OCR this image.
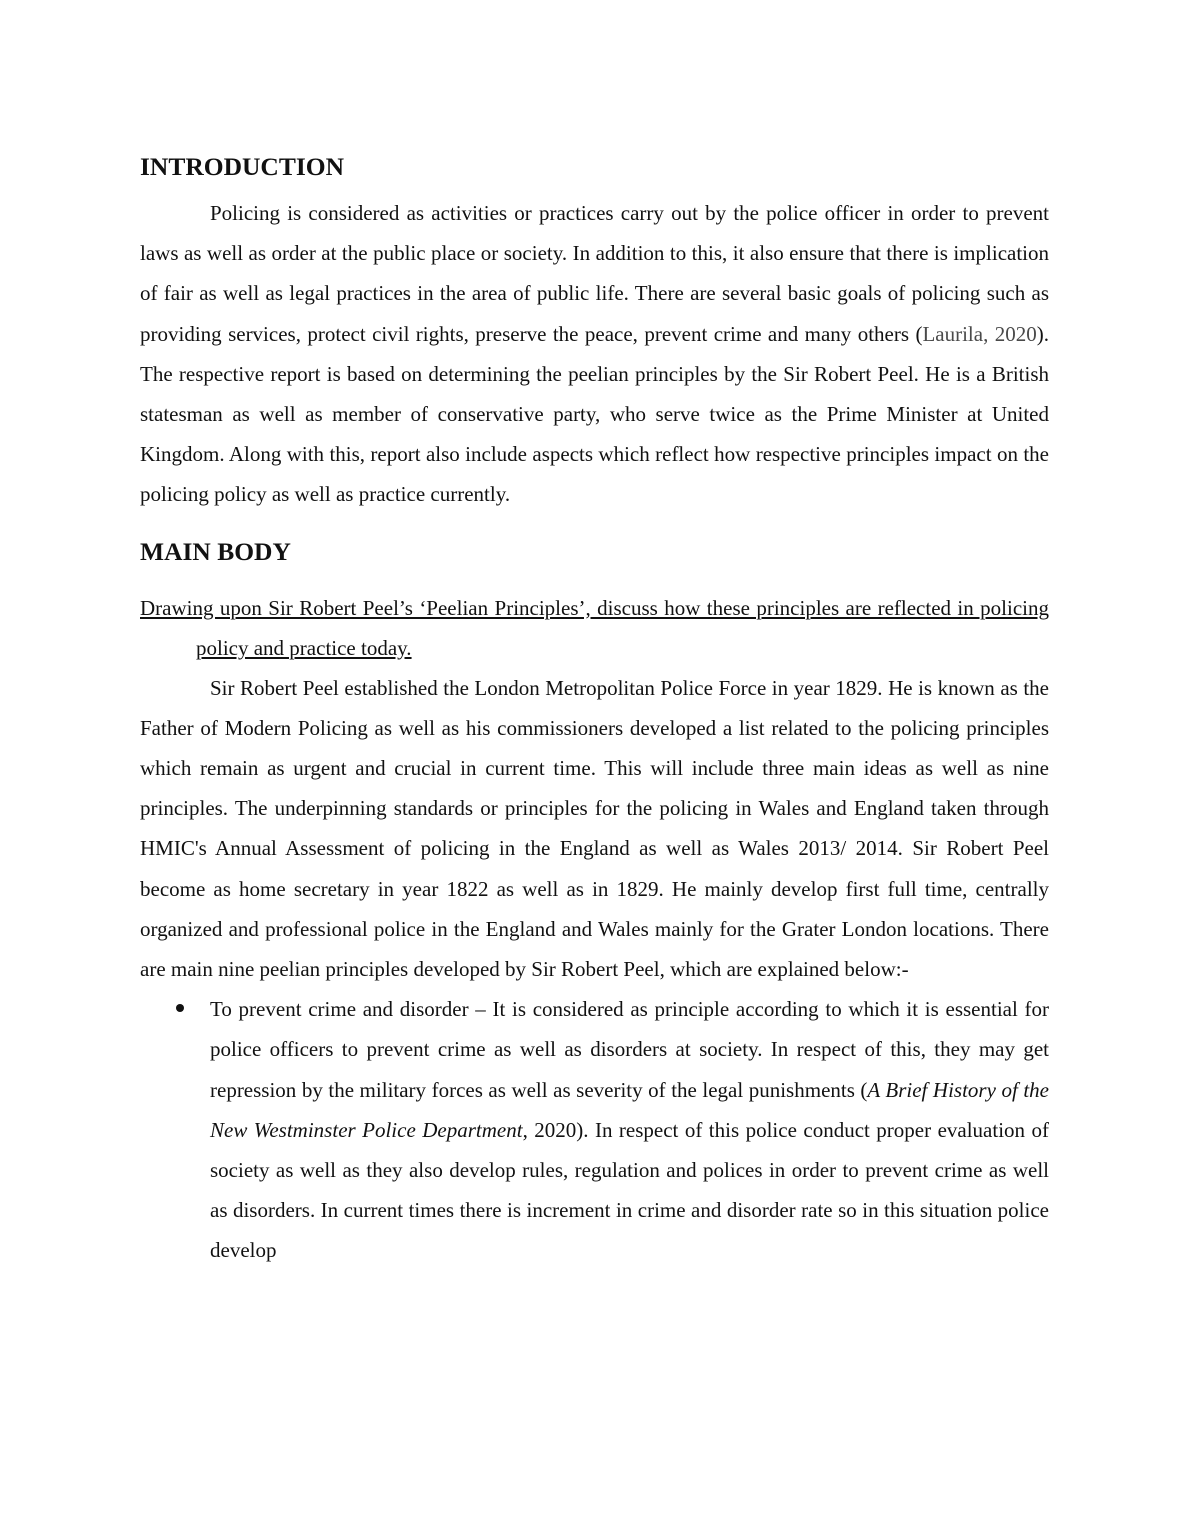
INTRODUCTION

Policing is considered as activities or practices carry out by the police officer in order to prevent laws as well as order at the public place or society. In addition to this, it also ensure that there is implication of fair as well as legal practices in the area of public life. There are several basic goals of policing such as providing services, protect civil rights, preserve the peace, prevent crime and many others (Laurila, 2020). The respective report is based on determining the peelian principles by the Sir Robert Peel. He is a British statesman as well as member of conservative party, who serve twice as the Prime Minister at United Kingdom. Along with this, report also include aspects which reflect how respective principles impact on the policing policy as well as practice currently.

MAIN BODY

Drawing upon Sir Robert Peel’s ‘Peelian Principles’, discuss how these principles are reflected in policing policy and practice today.

Sir Robert Peel established the London Metropolitan Police Force in year 1829. He is known as the Father of Modern Policing as well as his commissioners developed a list related to the policing principles which remain as urgent and crucial in current time. This will include three main ideas as well as nine principles. The underpinning standards or principles for the policing in Wales and England taken through HMIC's Annual Assessment of policing in the England as well as Wales 2013/ 2014. Sir Robert Peel become as home secretary in year 1822 as well as in 1829. He mainly develop first full time, centrally organized and professional police in the England and Wales mainly for the Grater London locations. There are main nine peelian principles developed by Sir Robert Peel, which are explained below:-

To prevent crime and disorder – It is considered as principle according to which it is essential for police officers to prevent crime as well as disorders at society. In respect of this, they may get repression by the military forces as well as severity of the legal punishments (A Brief History of the New Westminster Police Department, 2020). In respect of this police conduct proper evaluation of society as well as they also develop rules, regulation and polices in order to prevent crime as well as disorders. In current times there is increment in crime and disorder rate so in this situation police develop
